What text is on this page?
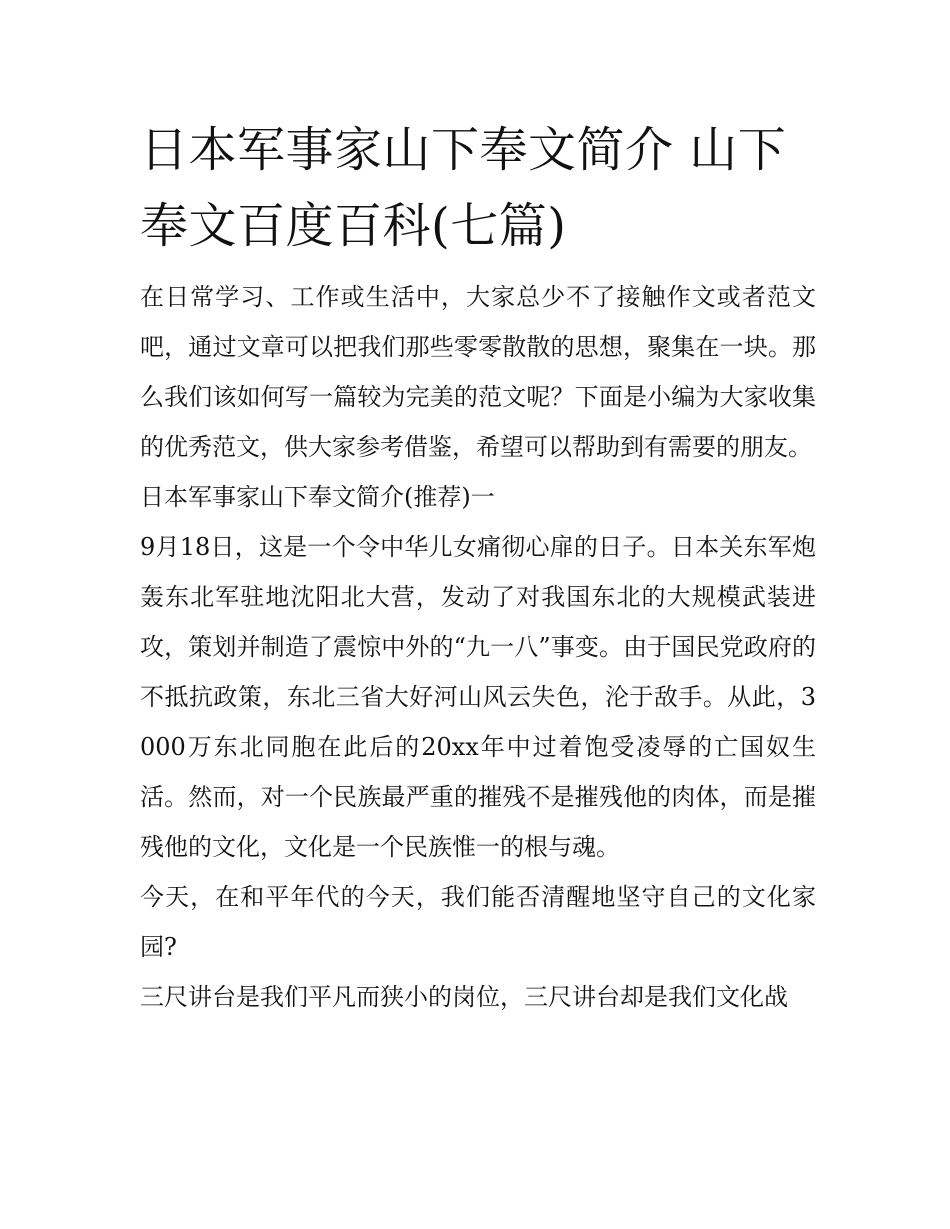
日本军事家山下奉文简介 山下奉文百度百科(七篇)

在日常学习、工作或生活中，大家总少不了接触作文或者范文吧，通过文章可以把我们那些零零散散的思想，聚集在一块。那么我们该如何写一篇较为完美的范文呢？下面是小编为大家收集的优秀范文，供大家参考借鉴，希望可以帮助到有需要的朋友。

日本军事家山下奉文简介(推荐)一

9月18日，这是一个令中华儿女痛彻心扉的日子。日本关东军炮轰东北军驻地沈阳北大营，发动了对我国东北的大规模武装进攻，策划并制造了震惊中外的“九一八”事变。由于国民党政府的不抵抗政策，东北三省大好河山风云失色，沦于敌手。从此，3000万东北同胞在此后的20xx年中过着饱受凌辱的亡国奴生活。然而，对一个民族最严重的摧残不是摧残他的肉体，而是摧残他的文化，文化是一个民族惟一的根与魂。

今天，在和平年代的今天，我们能否清醒地坚守自己的文化家园?

三尺讲台是我们平凡而狭小的岗位，三尺讲台却是我们文化战
